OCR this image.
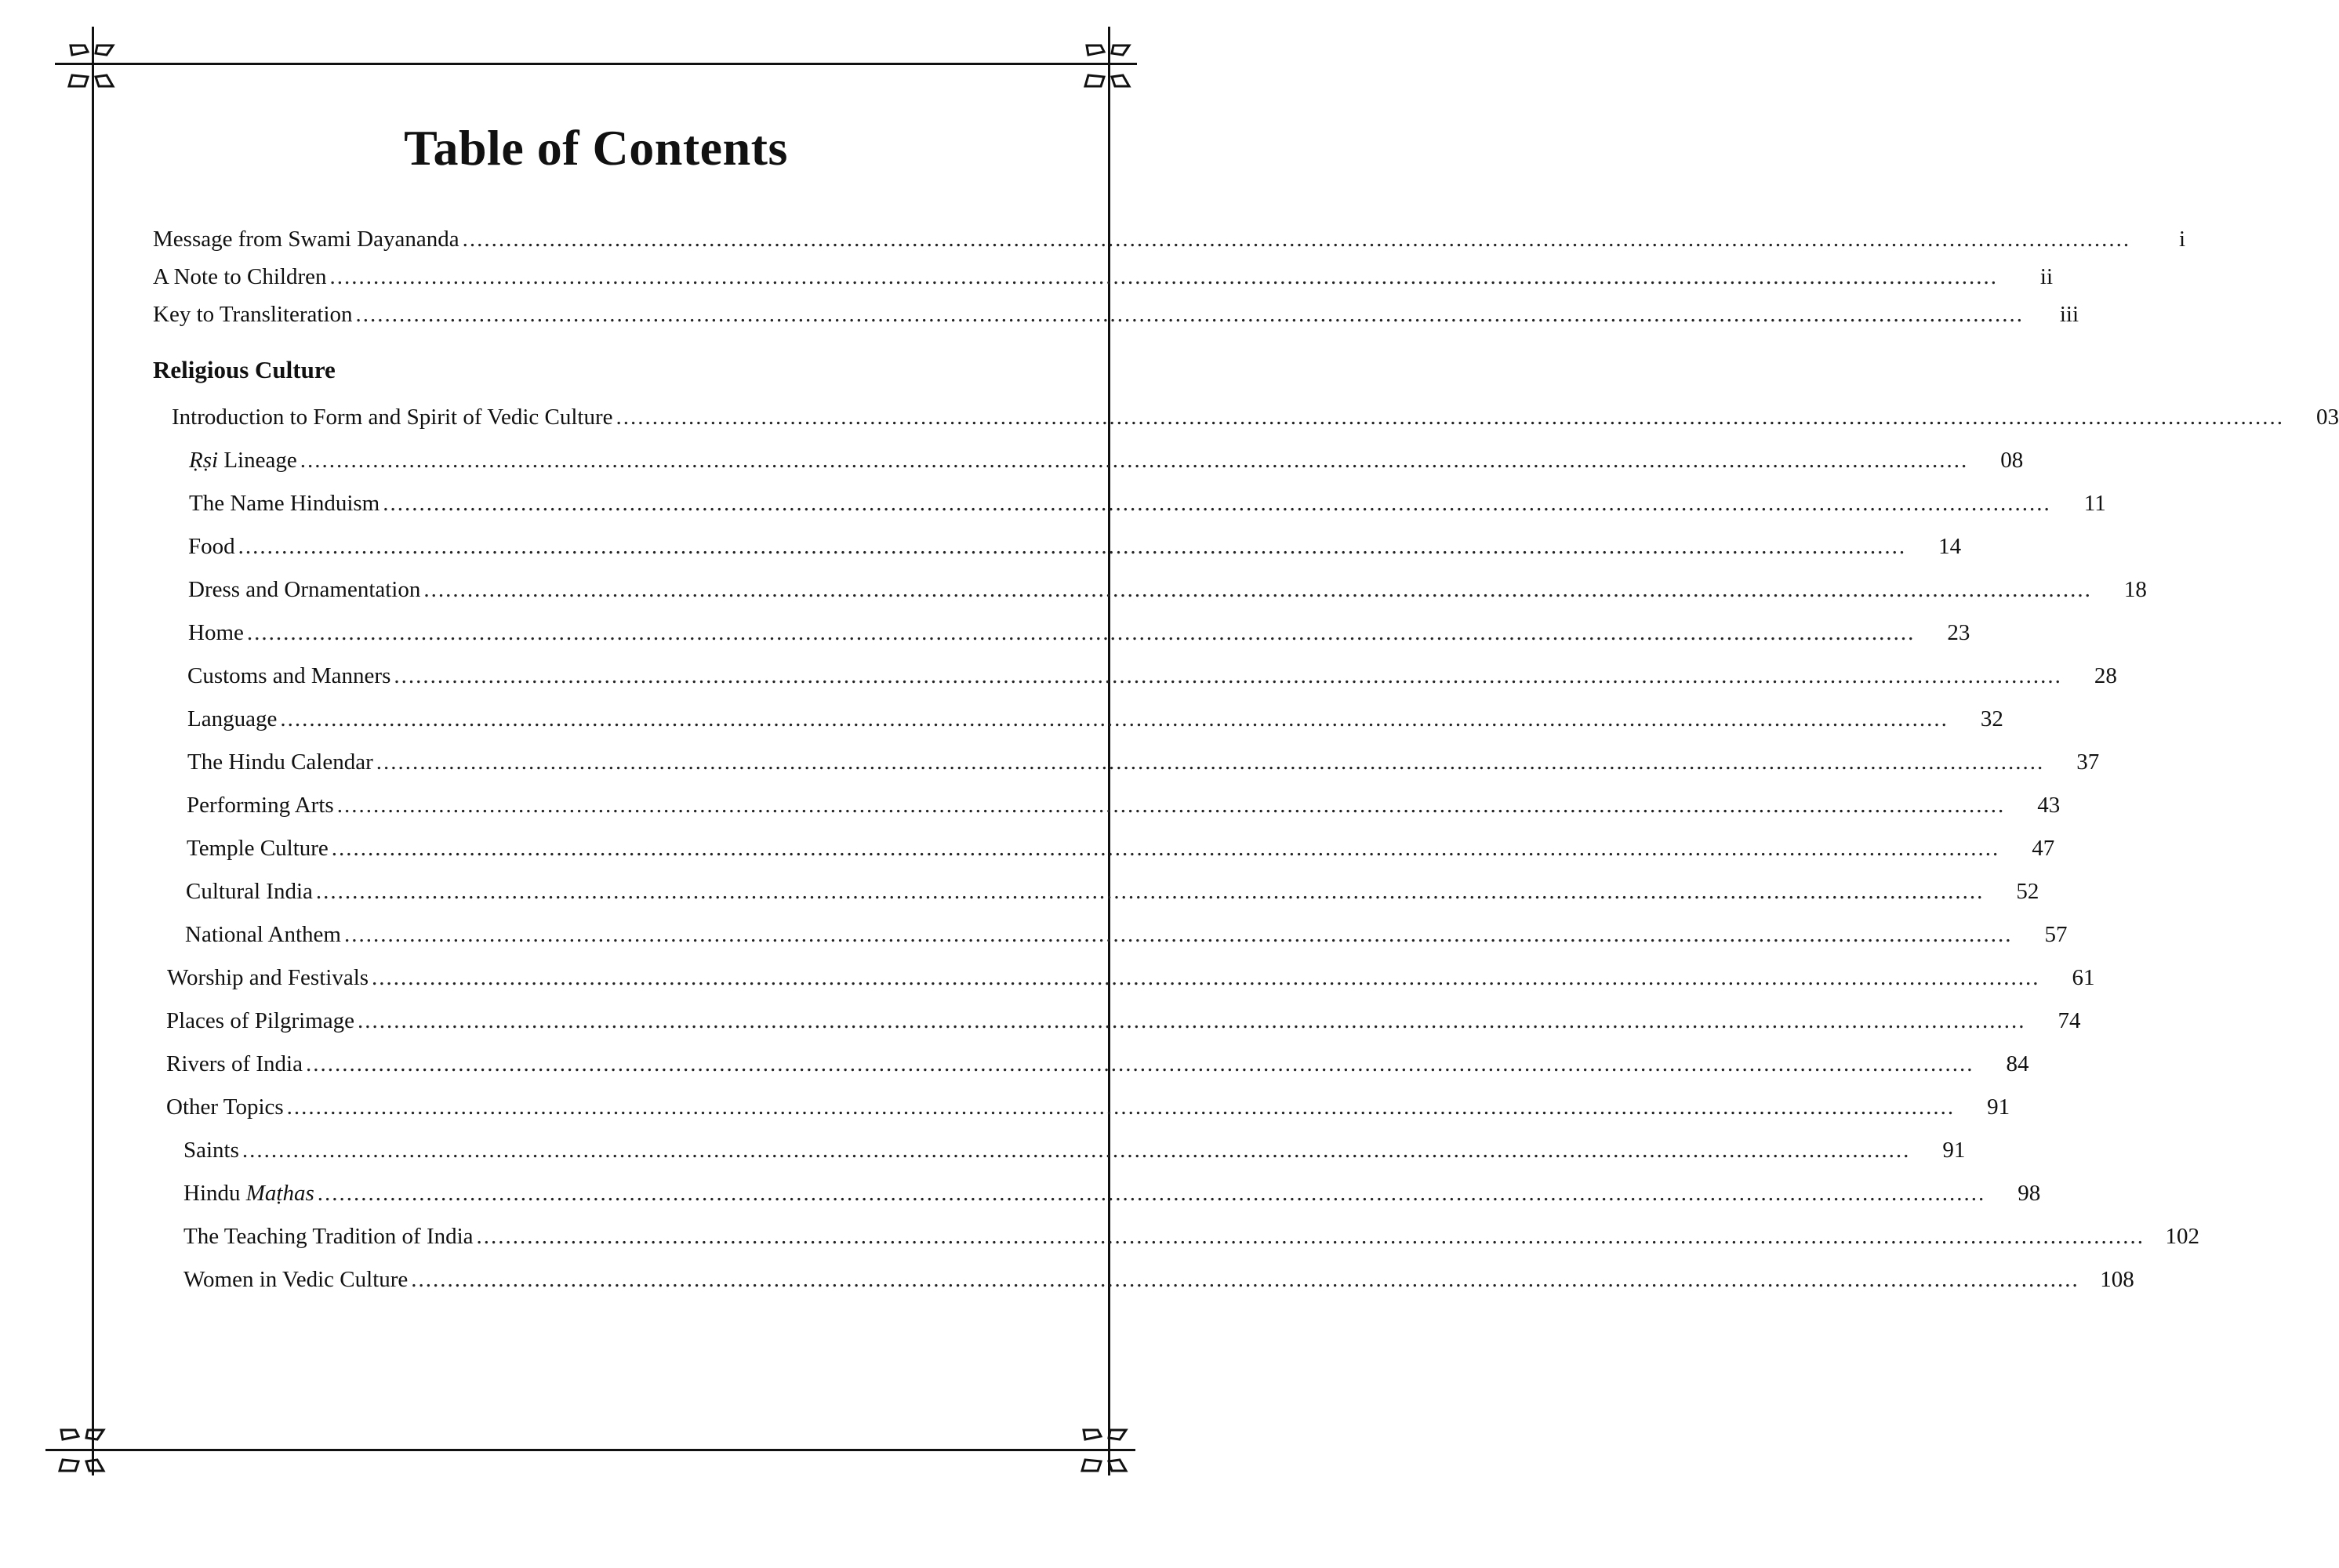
Table of Contents
Message from Swami Dayananda ......................................................................................................................................................................................................................................	i
A Note to Children ......................................................................................................................................................................................................................................	ii
Key to Transliteration ......................................................................................................................................................................................................................................	iii
Religious Culture
Introduction to Form and Spirit of Vedic Culture ......................................................................................................................................................................................................................................	03
Ṛṣi Lineage ......................................................................................................................................................................................................................................	08
The Name Hinduism ......................................................................................................................................................................................................................................	11
Food ......................................................................................................................................................................................................................................	14
Dress and Ornamentation ......................................................................................................................................................................................................................................	18
Home ......................................................................................................................................................................................................................................	23
Customs and Manners ......................................................................................................................................................................................................................................	28
Language ......................................................................................................................................................................................................................................	32
The Hindu Calendar ......................................................................................................................................................................................................................................	37
Performing Arts ......................................................................................................................................................................................................................................	43
Temple Culture ......................................................................................................................................................................................................................................	47
Cultural India ......................................................................................................................................................................................................................................	52
National Anthem ......................................................................................................................................................................................................................................	57
Worship and Festivals ......................................................................................................................................................................................................................................	61
Places of Pilgrimage ......................................................................................................................................................................................................................................	74
Rivers of India ......................................................................................................................................................................................................................................	84
Other Topics ......................................................................................................................................................................................................................................	91
Saints ......................................................................................................................................................................................................................................	91
Hindu Maṭhas ......................................................................................................................................................................................................................................	98
The Teaching Tradition of India ...................................................................................................................................................................................................................................... 102
Women in Vedic Culture ...................................................................................................................................................................................................................................... 108
